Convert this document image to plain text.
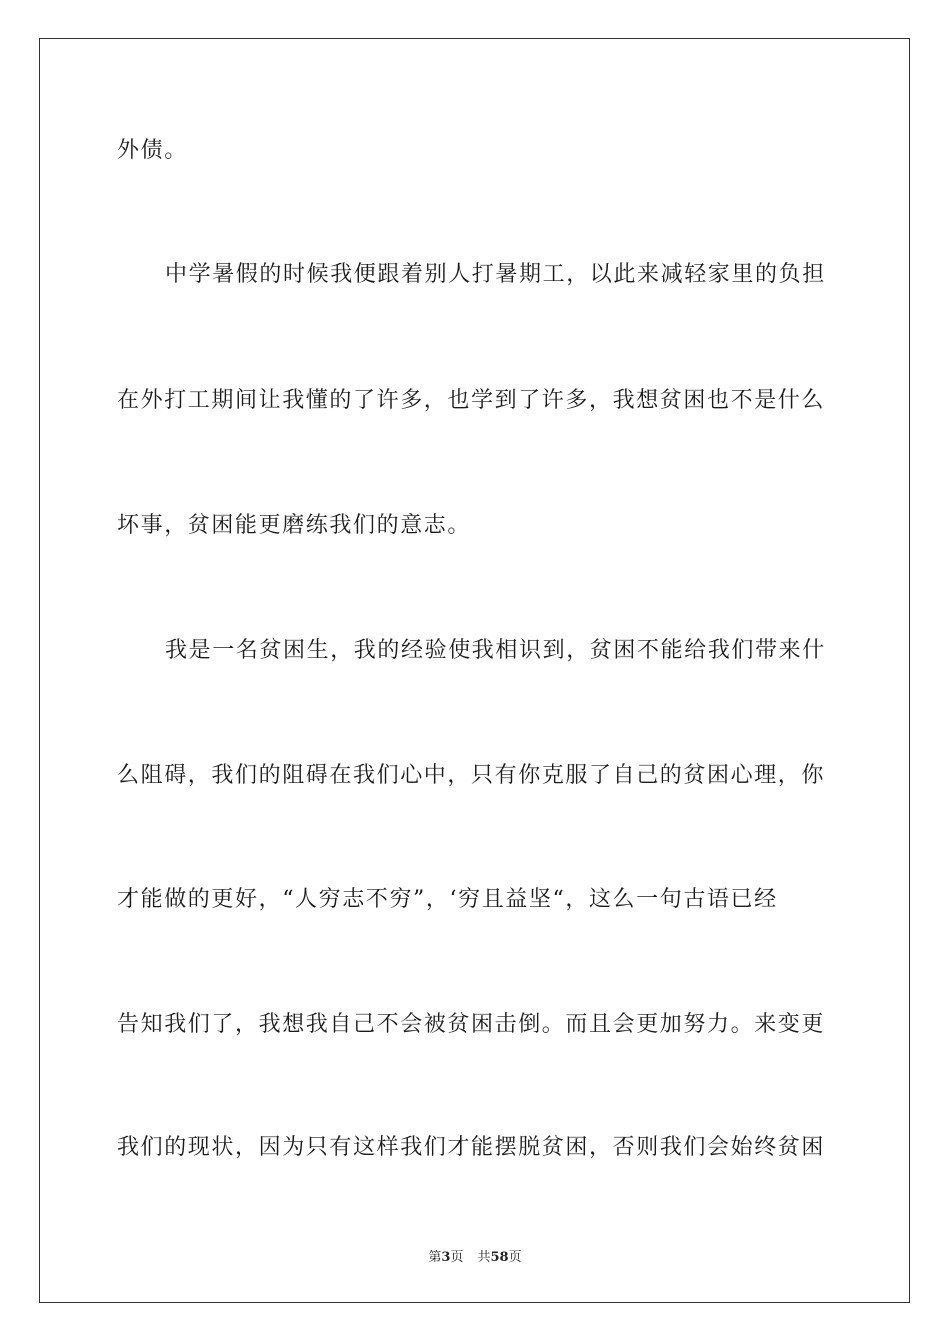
外债。
中学暑假的时候我便跟着别人打暑期工，以此来减轻家里的负担
在外打工期间让我懂的了许多，也学到了许多，我想贫困也不是什么
坏事，贫困能更磨练我们的意志。
我是一名贫困生，我的经验使我相识到，贫困不能给我们带来什
么阻碍，我们的阻碍在我们心中，只有你克服了自己的贫困心理，你
才能做的更好，“人穷志不穷”，‘穷且益坚“，这么一句古语已经
告知我们了，我想我自己不会被贫困击倒。而且会更加努力。来变更
我们的现状，因为只有这样我们才能摆脱贫困，否则我们会始终贫困
第3页 共58页
